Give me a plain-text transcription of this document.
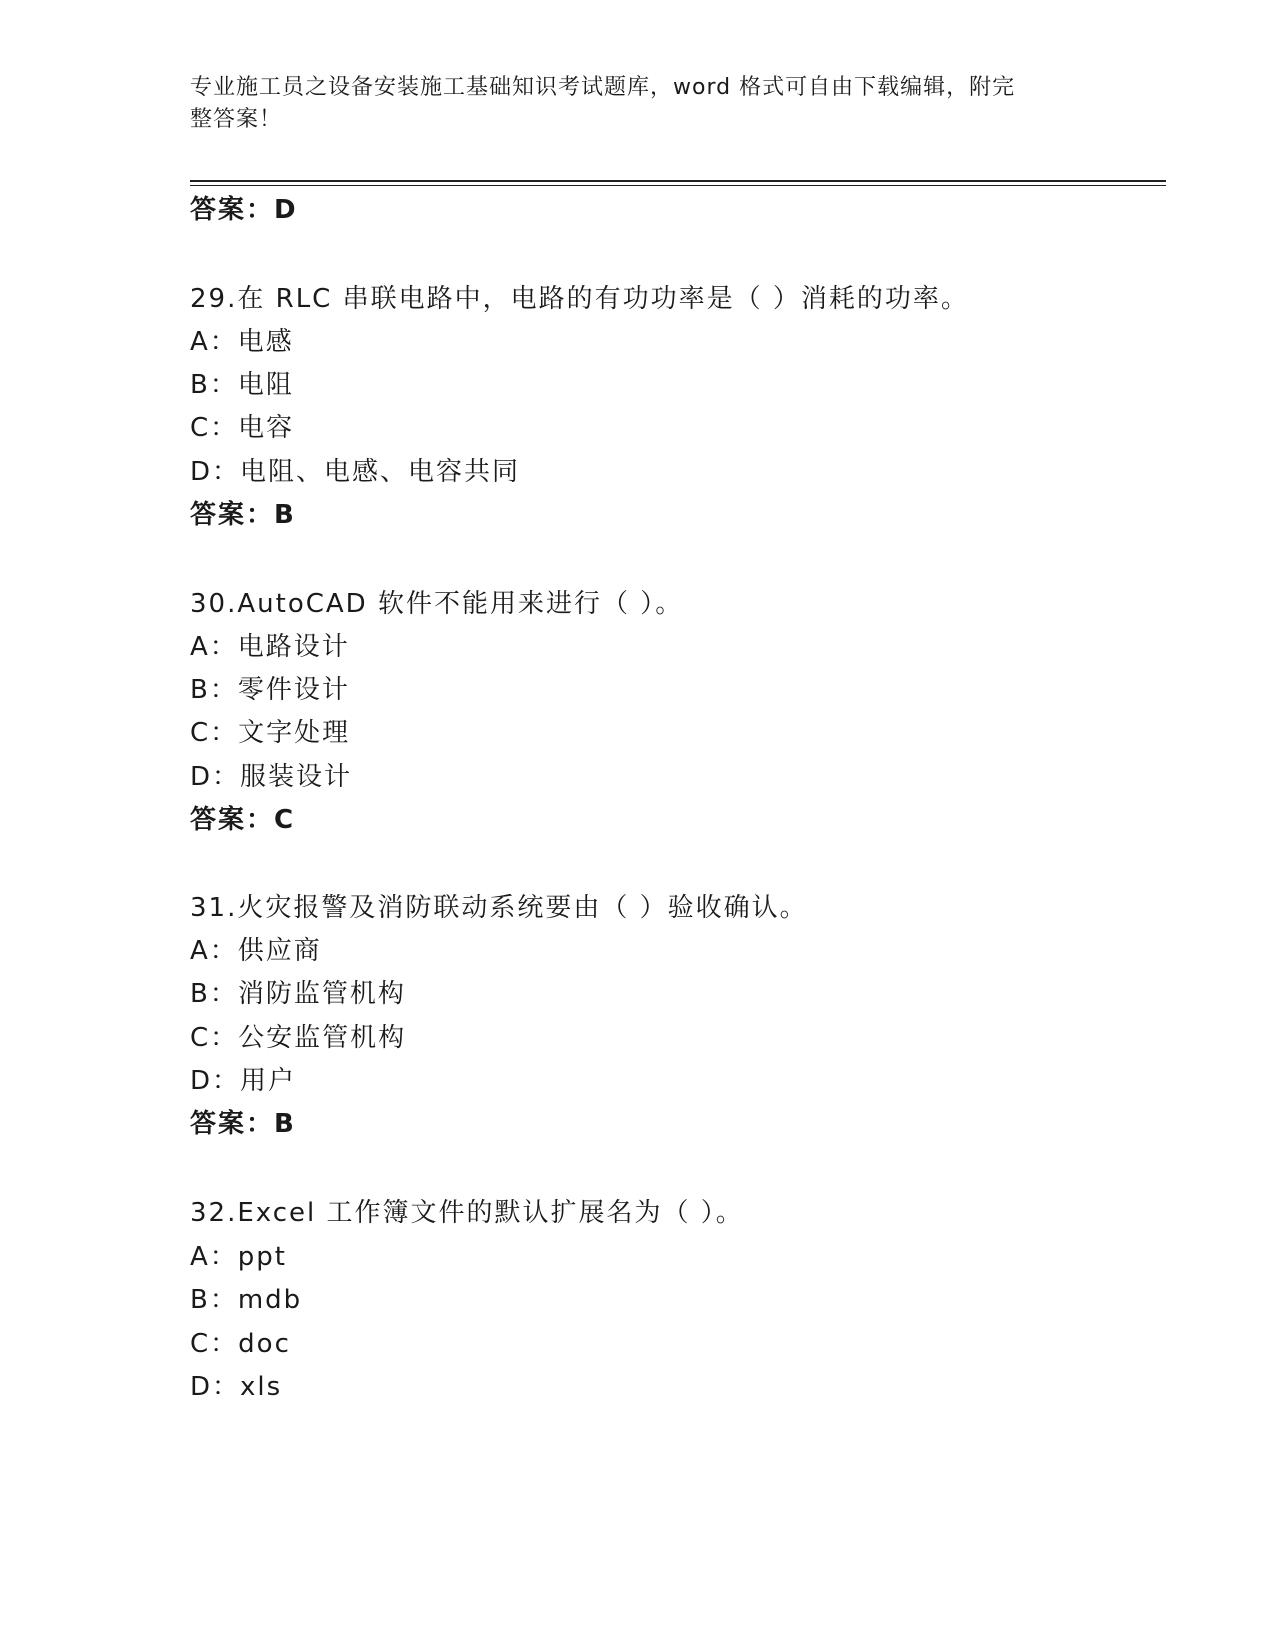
专业施工员之设备安装施工基础知识考试题库，word 格式可自由下载编辑，附完
整答案！
答案：D
29.在 RLC 串联电路中，电路的有功功率是（ ）消耗的功率。
A：电感
B：电阻
C：电容
D：电阻、电感、电容共同
答案：B
30.AutoCAD 软件不能用来进行（ ）。
A：电路设计
B：零件设计
C：文字处理
D：服装设计
答案：C
31.火灾报警及消防联动系统要由（ ）验收确认。
A：供应商
B：消防监管机构
C：公安监管机构
D：用户
答案：B
32.Excel 工作簿文件的默认扩展名为（ ）。
A：ppt
B：mdb
C：doc
D：xls
